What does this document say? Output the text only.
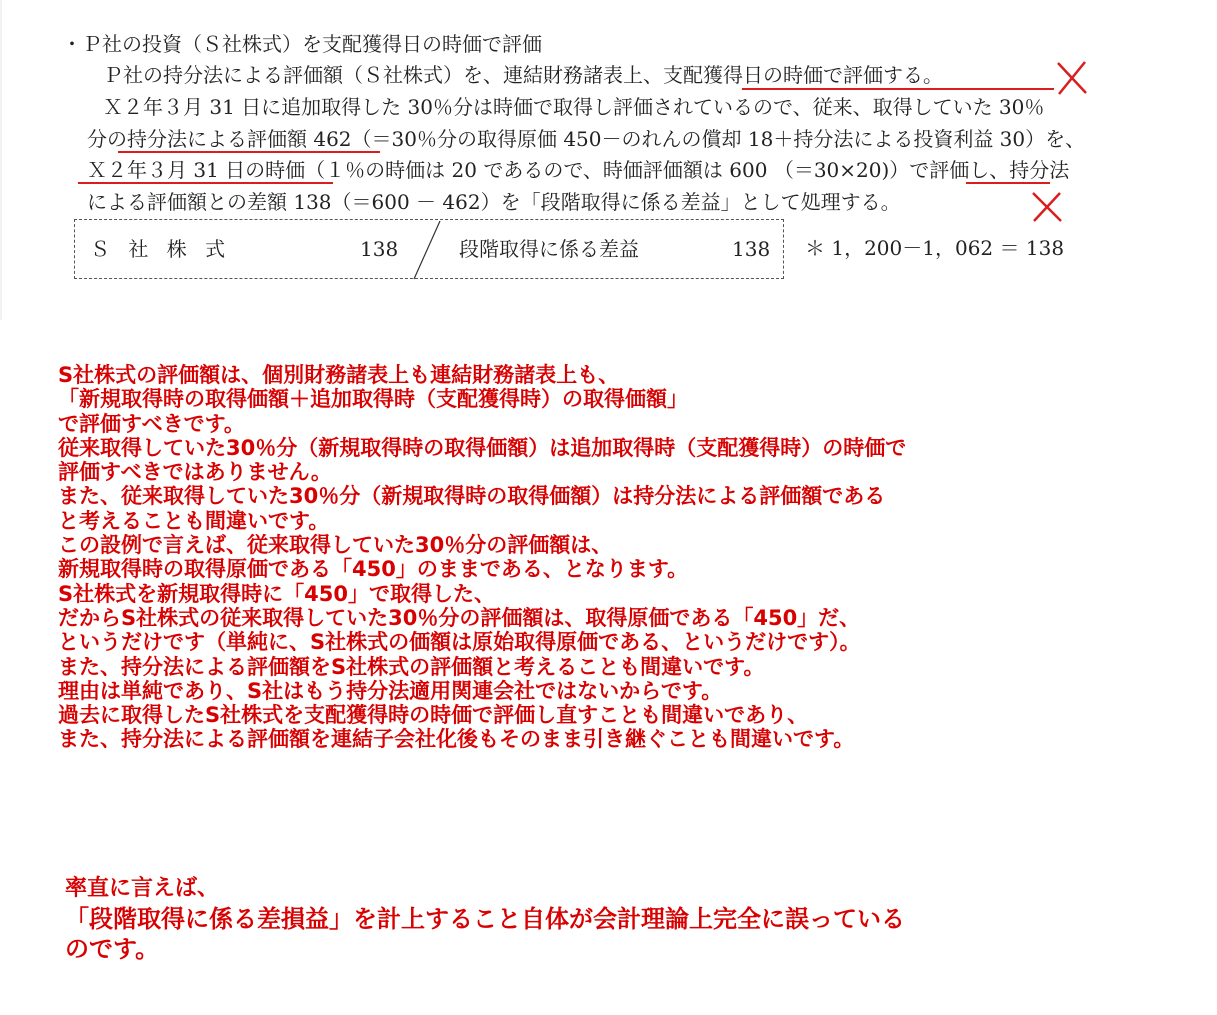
・Ｐ社の投資（Ｓ社株式）を支配獲得日の時価で評価
Ｐ社の持分法による評価額（Ｓ社株式）を、連結財務諸表上、支配獲得日の時価で評価する。
Ｘ２年３月 31 日に追加取得した 30％分は時価で取得し評価されているので、従来、取得していた 30％
分の持分法による評価額 462（＝30％分の取得原価 450－のれんの償却 18＋持分法による投資利益 30）を、
Ｘ２年３月 31 日の時価（１％の時価は 20 であるので、時価評価額は 600 （＝30×20)）で評価し、持分法
による評価額との差額 138（＝600 － 462）を「段階取得に係る差益」として処理する。
Ｓ 社 株 式	138	段階取得に係る差益	138 ＊ 1，200－1，062 ＝ 138
S社株式の評価額は、個別財務諸表上も連結財務諸表上も、
「新規取得時の取得価額＋追加取得時（支配獲得時）の取得価額」
で評価すべきです。
従来取得していた30％分（新規取得時の取得価額）は追加取得時（支配獲得時）の時価で
評価すべきではありません。
また、従来取得していた30％分（新規取得時の取得価額）は持分法による評価額である
と考えることも間違いです。
この設例で言えば、従来取得していた30％分の評価額は、
新規取得時の取得原価である「450」のままである、となります。
S社株式を新規取得時に「450」で取得した、
だからS社株式の従来取得していた30％分の評価額は、取得原価である「450」だ、
というだけです（単純に、S社株式の価額は原始取得原価である、というだけです）。
また、持分法による評価額をS社株式の評価額と考えることも間違いです。
理由は単純であり、S社はもう持分法適用関連会社ではないからです。
過去に取得したS社株式を支配獲得時の時価で評価し直すことも間違いであり、
また、持分法による評価額を連結子会社化後もそのまま引き継ぐことも間違いです。
率直に言えば、
「段階取得に係る差損益」を計上すること自体が会計理論上完全に誤っている
のです。
